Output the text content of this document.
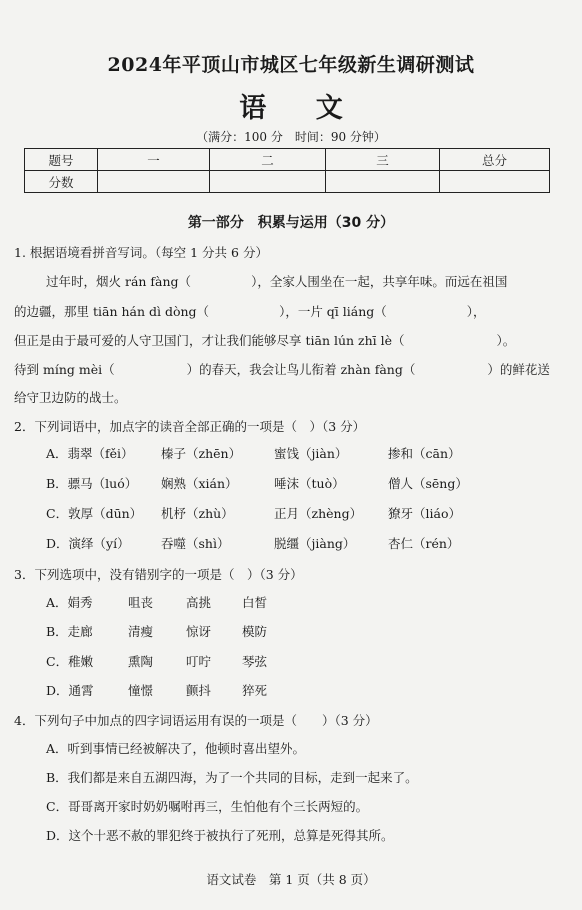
2024年平顶山市城区七年级新生调研测试
语 文
（满分：100 分　时间：90 分钟）
题号	一	二	三	总分
分数				
第一部分　积累与运用（30 分）
1. 根据语境看拼音写词。（每空 1 分共 6 分）
过年时，烟火 rán fàng（	），全家人围坐在一起，共享年味。而远在祖国
的边疆，那里 tiān hán dì dòng（	），一片 qī liáng（	），
但正是由于最可爱的人守卫国门，才让我们能够尽享 tiān lún zhī lè（	）。
待到 míng mèi（	）的春天，我会让鸟儿衔着 zhàn fàng（	）的鲜花送
给守卫边防的战士。
2．下列词语中，加点字的读音全部正确的一项是（　）（3 分）
A．翡翠（fěi） 榛子（zhēn）	蜜饯（jiàn）	掺和（cān）
B．骠马（luó） 娴熟（xián）	唾沫（tuò）	僧人（sēng）
C．敦厚（dūn） 机杼（zhù）	正月（zhèng） 獠牙（liáo）
D．演绎（yí）	吞噬（shì）	脱缰（jiàng）	杏仁（rén）
3．下列选项中，没有错别字的一项是（　）（3 分）
A．娟秀	咀丧	高挑 白皙
B．走廊	清瘦	惊讶 模防
C．稚嫩	熏陶	叮咛 琴弦
D．通霄	憧憬	颤抖 猝死
4．下列句子中加点的四字词语运用有误的一项是（　　）（3 分）
A．听到事情已经被解决了，他顿时喜出望外。
B．我们都是来自五湖四海，为了一个共同的目标，走到一起来了。
C．哥哥离开家时奶奶嘱咐再三，生怕他有个三长两短的。
D．这个十恶不赦的罪犯终于被执行了死刑，总算是死得其所。
语文试卷　第 1 页（共 8 页）
